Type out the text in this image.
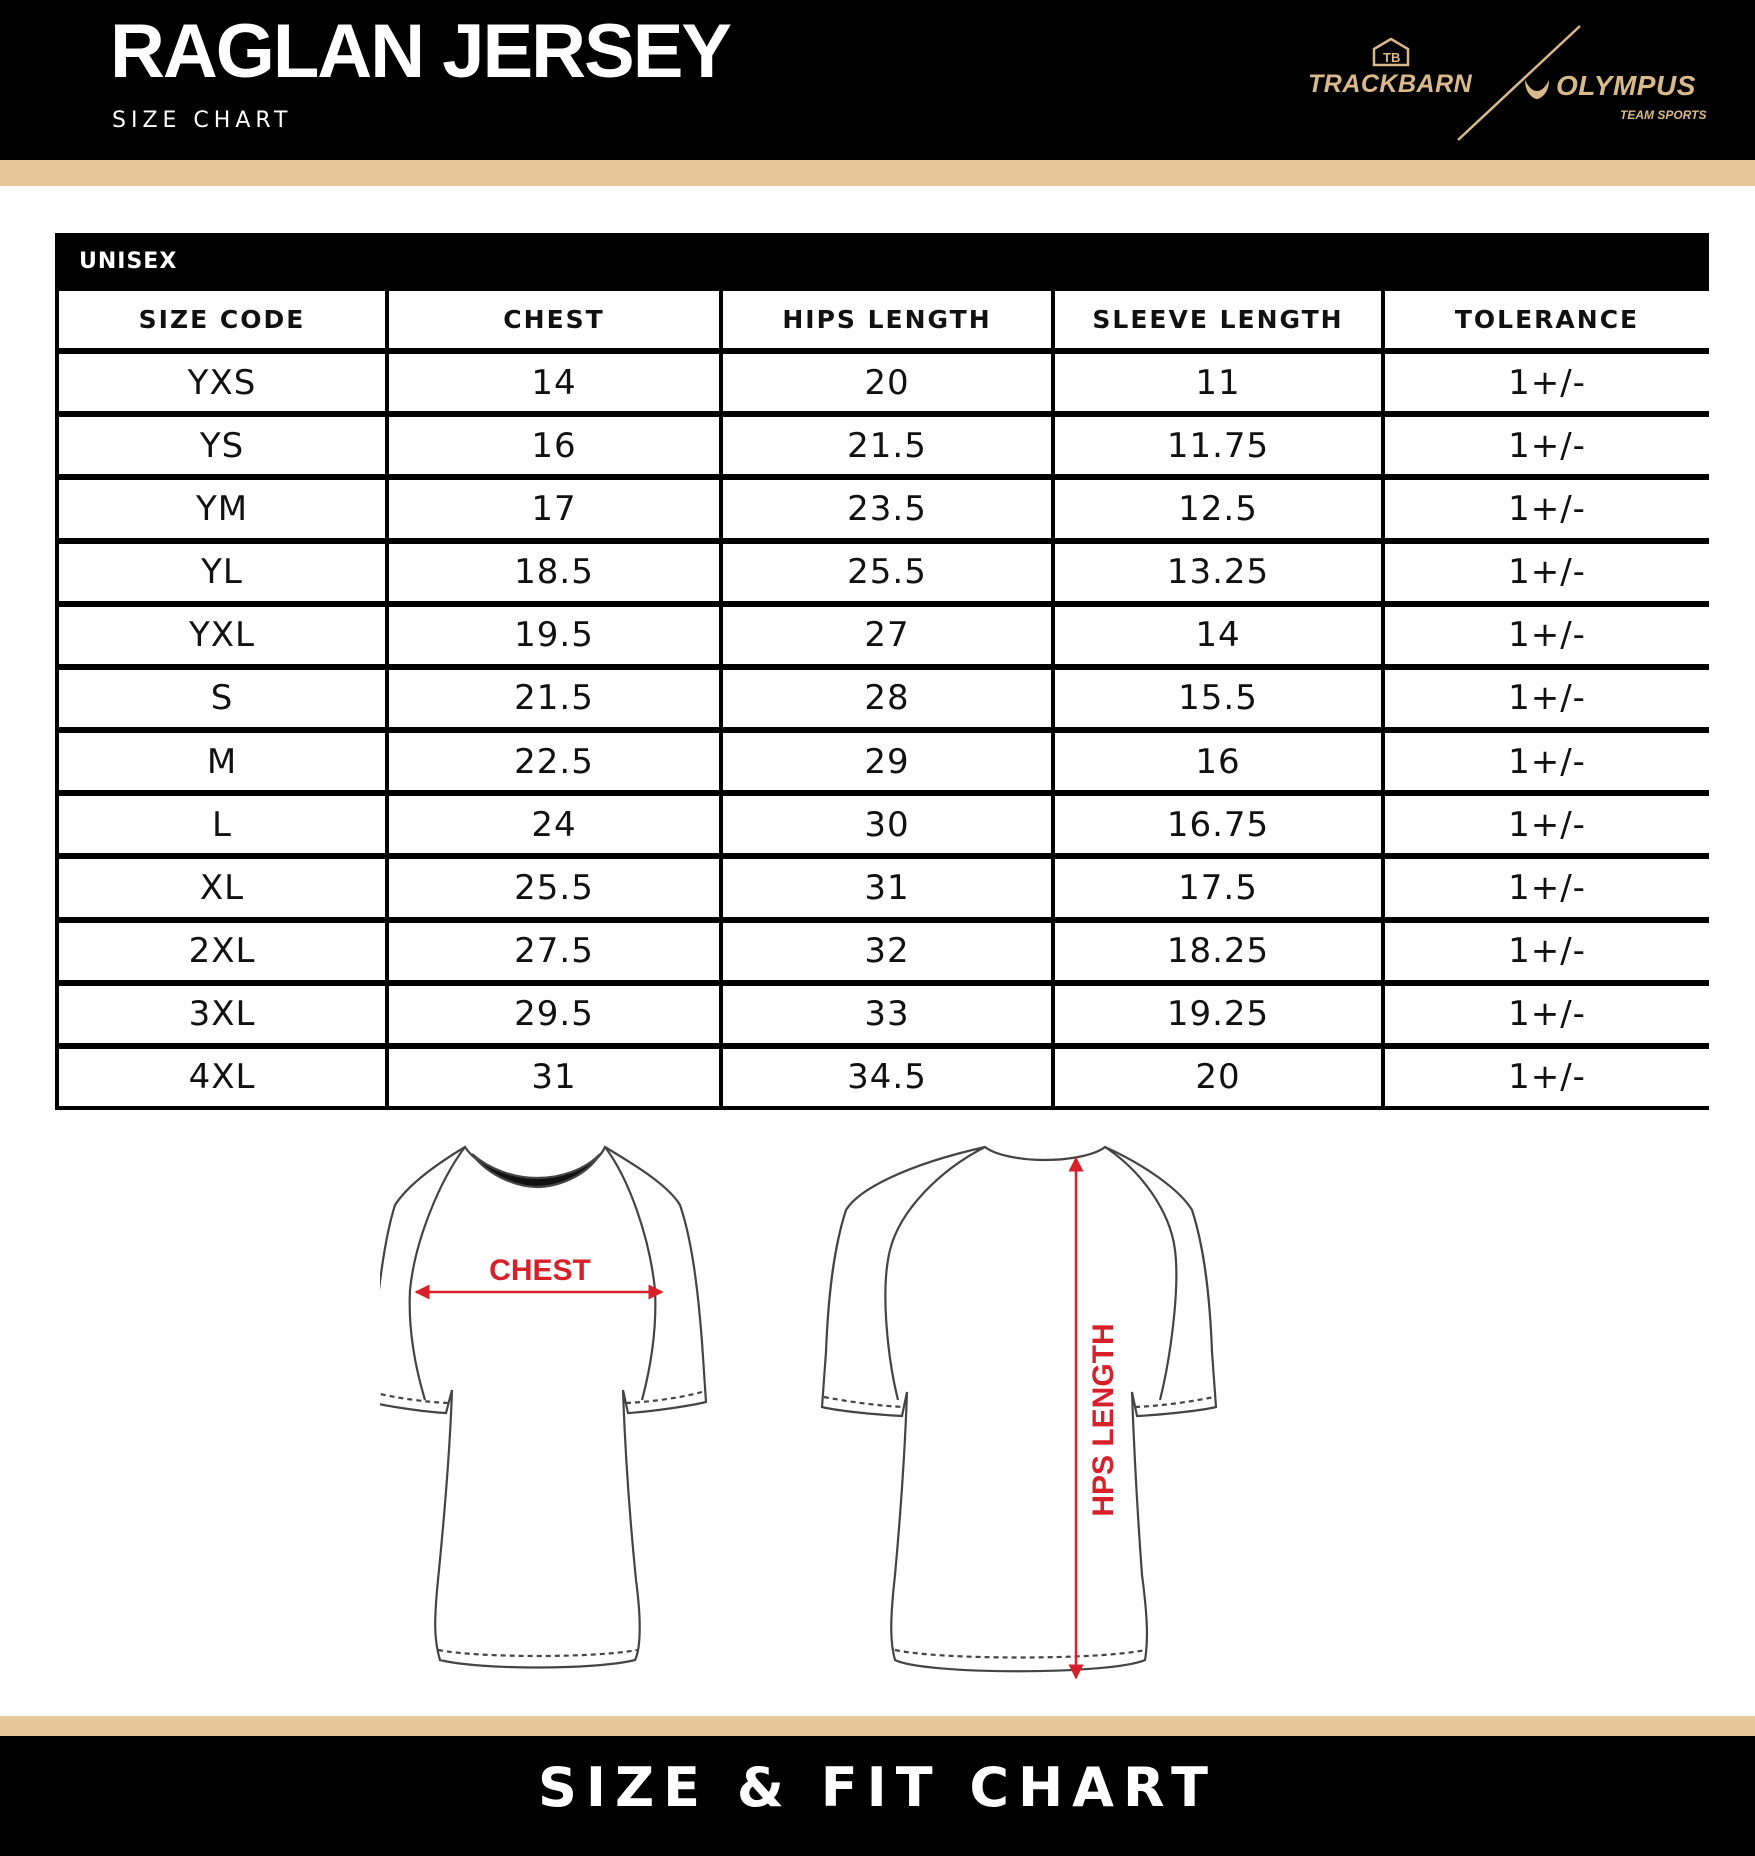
RAGLAN JERSEY
SIZE CHART
TB
TRACKBARN	OLYMPUS
TEAM SPORTS
UNISEX
SIZE CODE	CHEST	HIPS LENGTH	SLEEVE LENGTH	TOLERANCE
YXS	14	20	11	1+/-
YS	16	21.5	11.75	1+/-
YM	17	23.5	12.5	1+/-
YL	18.5	25.5	13.25	1+/-
YXL	19.5	27	14	1+/-
S	21.5	28	15.5	1+/-
M	22.5	29	16	1+/-
L	24	30	16.75	1+/-
XL	25.5	31	17.5	1+/-
2XL	27.5	32	18.25	1+/-
3XL	29.5	33	19.25	1+/-
4XL	31	34.5	20	1+/-
CHEST
HPS LENGTH
SIZE & FIT CHART
